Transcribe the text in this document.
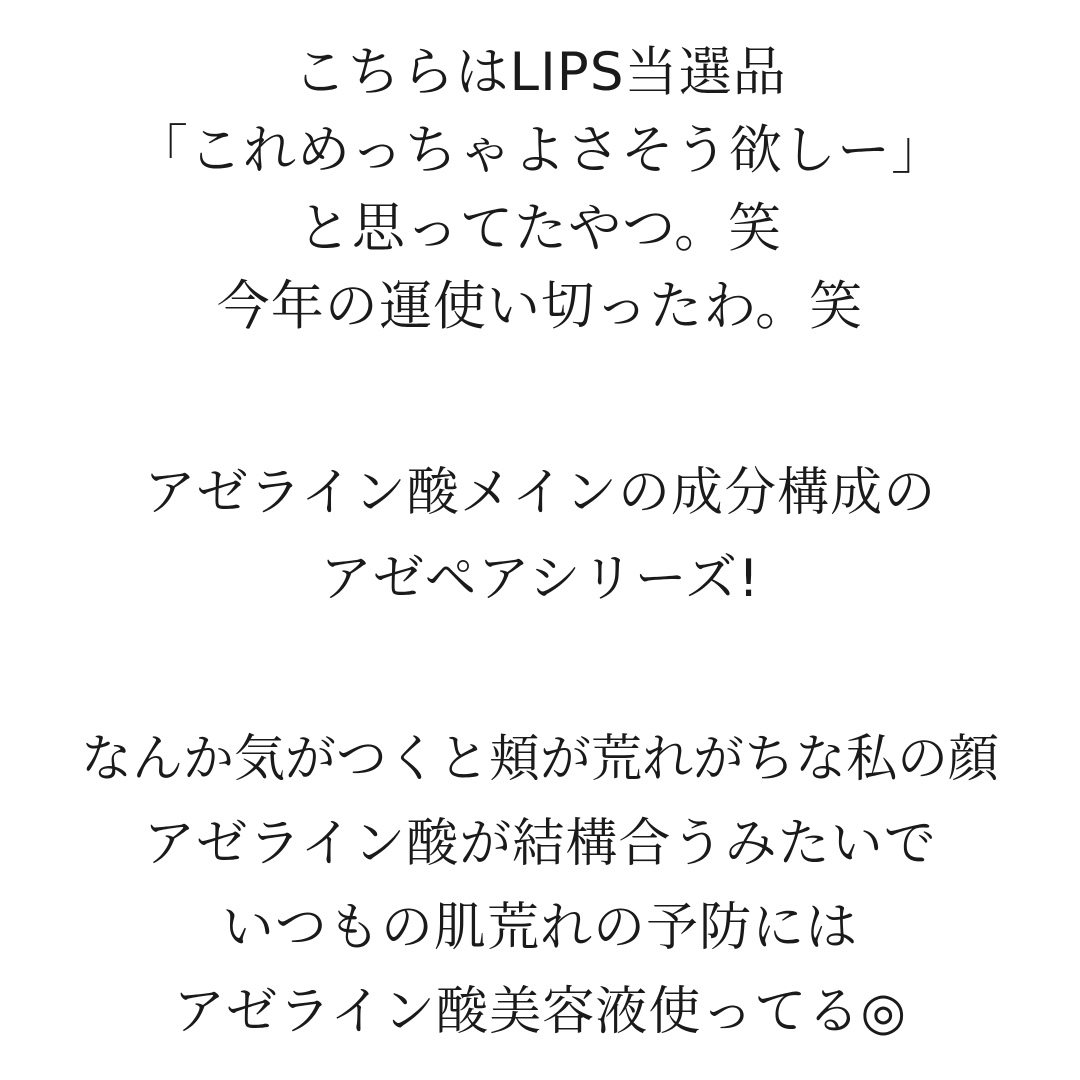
こちらはLIPS当選品
「これめっちゃよさそう欲しー」
と思ってたやつ。笑
今年の運使い切ったわ。笑
アゼライン酸メインの成分構成の
アゼペアシリーズ!
なんか気がつくと頬が荒れがちな私の顔
アゼライン酸が結構合うみたいで
いつもの肌荒れの予防には
アゼライン酸美容液使ってる◎
